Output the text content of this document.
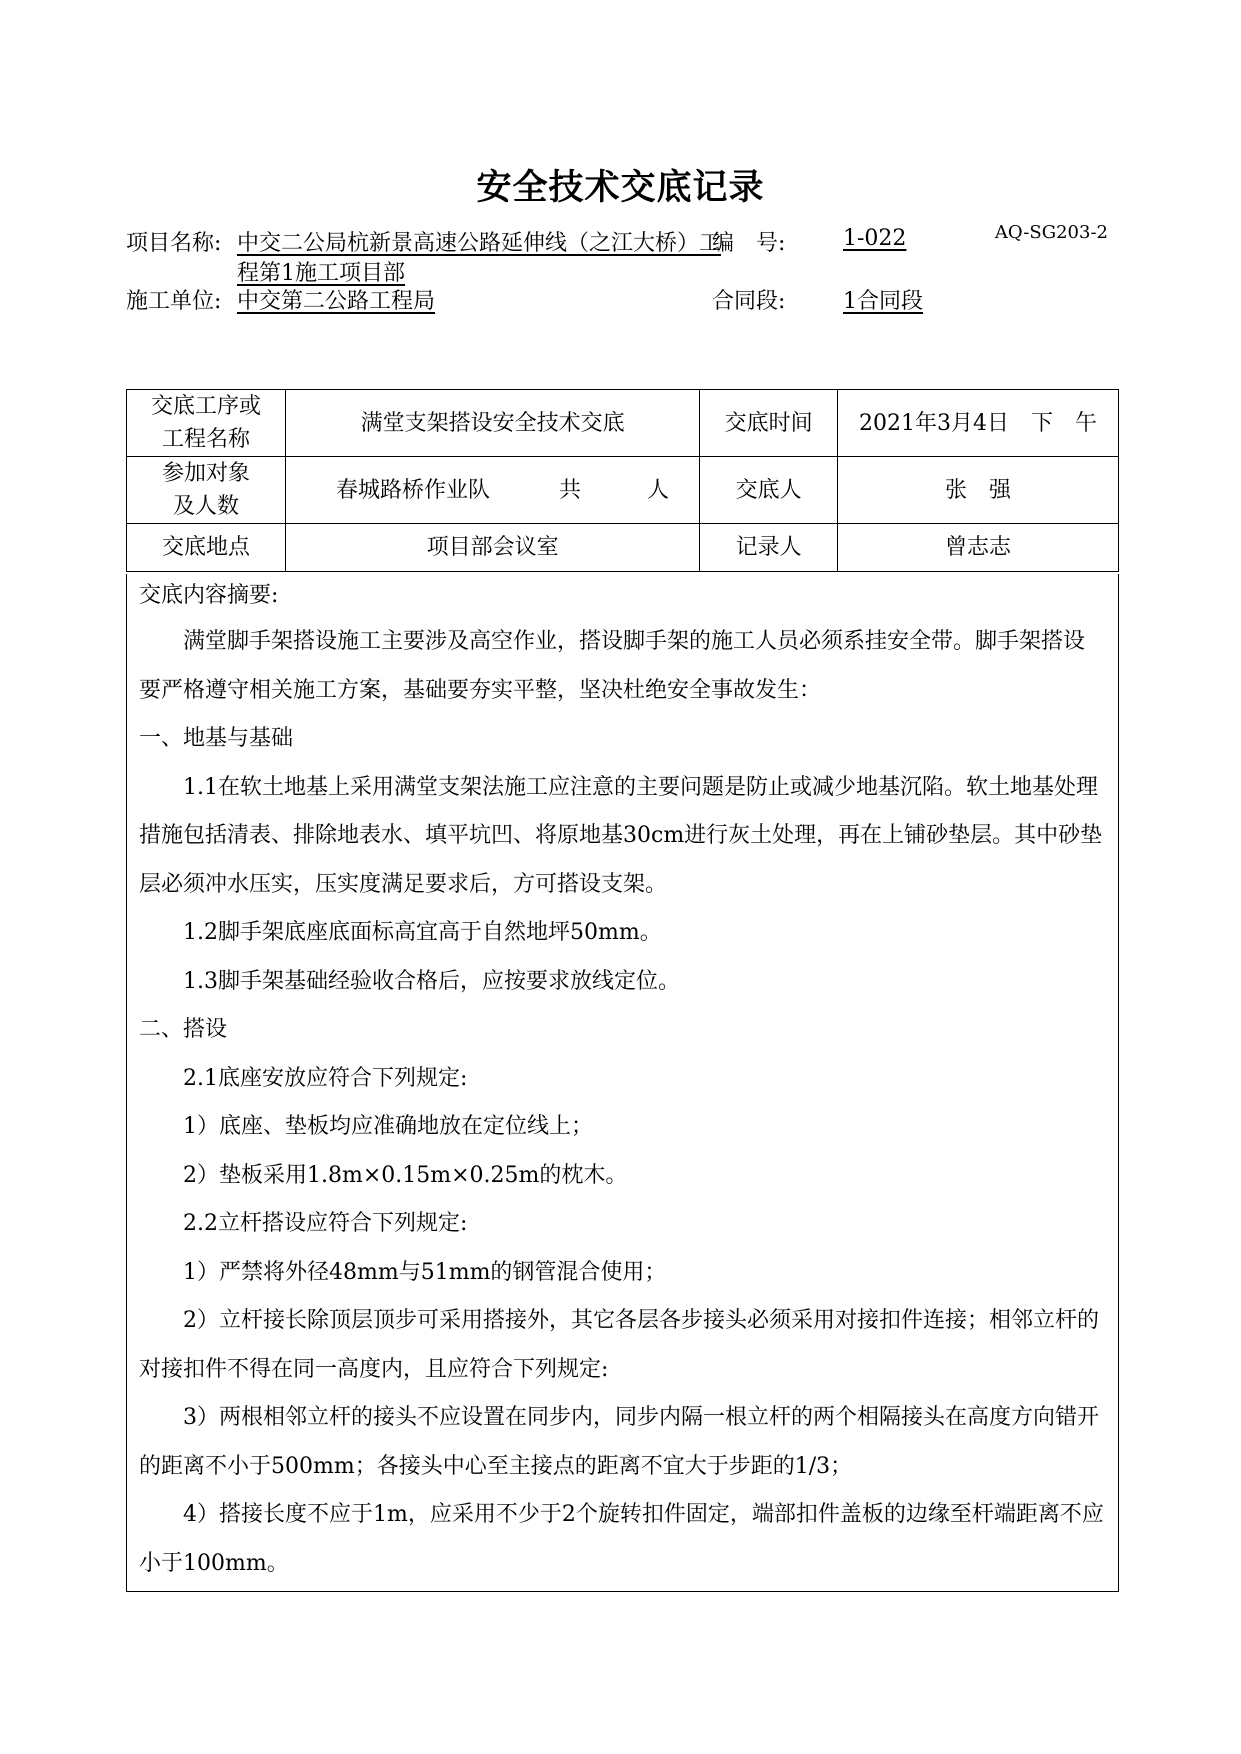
安全技术交底记录
AQ-SG203-2
项目名称: 中交二公局杭新景高速公路延伸线（之江大桥）工
程第1施工项目部
编　号:	1-022
施工单位: 中交第二公路工程局	合同段:	1合同段
交底工序或工程名称	满堂支架搭设安全技术交底	交底时间	2021年3月4日　下　午
参加对象及人数	春城路桥作业队 共　　　人	交底人	张　强
交底地点	项目部会议室	记录人	曾志志

交底内容摘要:

满堂脚手架搭设施工主要涉及高空作业，搭设脚手架的施工人员必须系挂安全带。脚手架搭设要严格遵守相关施工方案，基础要夯实平整，坚决杜绝安全事故发生：

一、地基与基础

1.1在软土地基上采用满堂支架法施工应注意的主要问题是防止或减少地基沉陷。软土地基处理措施包括清表、排除地表水、填平坑凹、将原地基30cm进行灰土处理，再在上铺砂垫层。其中砂垫层必须冲水压实，压实度满足要求后，方可搭设支架。

1.2脚手架底座底面标高宜高于自然地坪50mm。

1.3脚手架基础经验收合格后，应按要求放线定位。

二、搭设

2.1底座安放应符合下列规定:

1）底座、垫板均应准确地放在定位线上；

2）垫板采用1.8m×0.15m×0.25m的枕木。

2.2立杆搭设应符合下列规定:

1）严禁将外径48mm与51mm的钢管混合使用；

2）立杆接长除顶层顶步可采用搭接外，其它各层各步接头必须采用对接扣件连接；相邻立杆的对接扣件不得在同一高度内，且应符合下列规定:

3）两根相邻立杆的接头不应设置在同步内，同步内隔一根立杆的两个相隔接头在高度方向错开的距离不小于500mm；各接头中心至主接点的距离不宜大于步距的1/3；

4）搭接长度不应于1m，应采用不少于2个旋转扣件固定，端部扣件盖板的边缘至杆端距离不应小于100mm。
